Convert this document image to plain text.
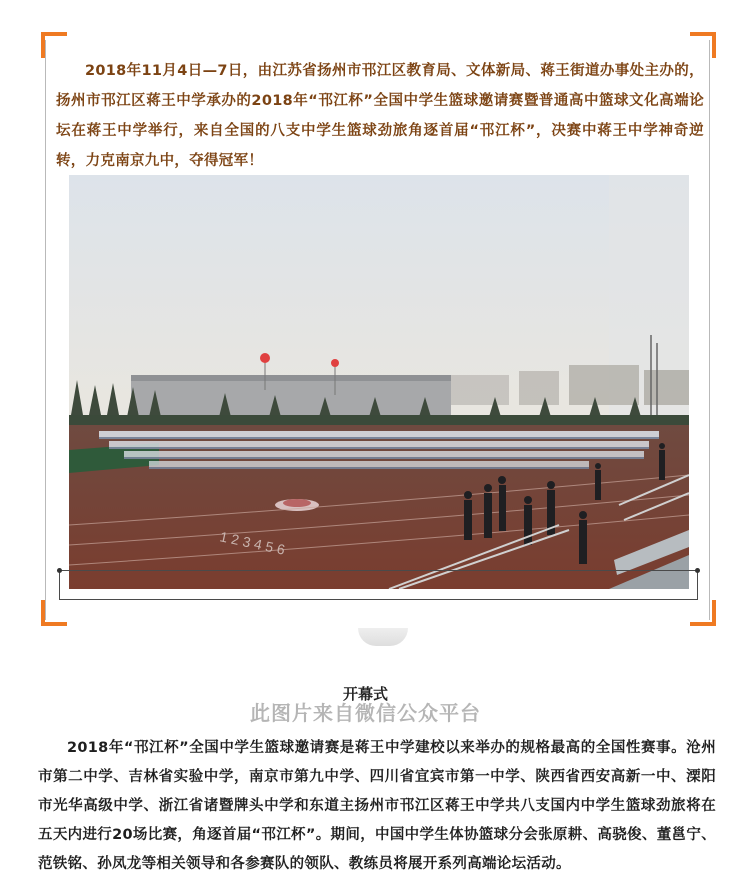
2018年11月4日—7日，由江苏省扬州市邗江区教育局、文体新局、蒋王街道办事处主办的，扬州市邗江区蒋王中学承办的2018年“邗江杯”全国中学生篮球邀请赛暨普通高中篮球文化高端论坛在蒋王中学举行，来自全国的八支中学生篮球劲旅角逐首届“邗江杯”，决赛中蒋王中学神奇逆转，力克南京九中，夺得冠军！

1 2 3 4 5 6
开幕式
此图片来自微信公众平台

2018年“邗江杯”全国中学生篮球邀请赛是蒋王中学建校以来举办的规格最高的全国性赛事。沧州市第二中学、吉林省实验中学，南京市第九中学、四川省宜宾市第一中学、陕西省西安高新一中、溧阳市光华高级中学、浙江省诸暨牌头中学和东道主扬州市邗江区蒋王中学共八支国内中学生篮球劲旅将在五天内进行20场比赛，角逐首届“邗江杯”。期间，中国中学生体协篮球分会张原耕、高骁俊、董邕宁、范铁铭、孙凤龙等相关领导和各参赛队的领队、教练员将展开系列高端论坛活动。
